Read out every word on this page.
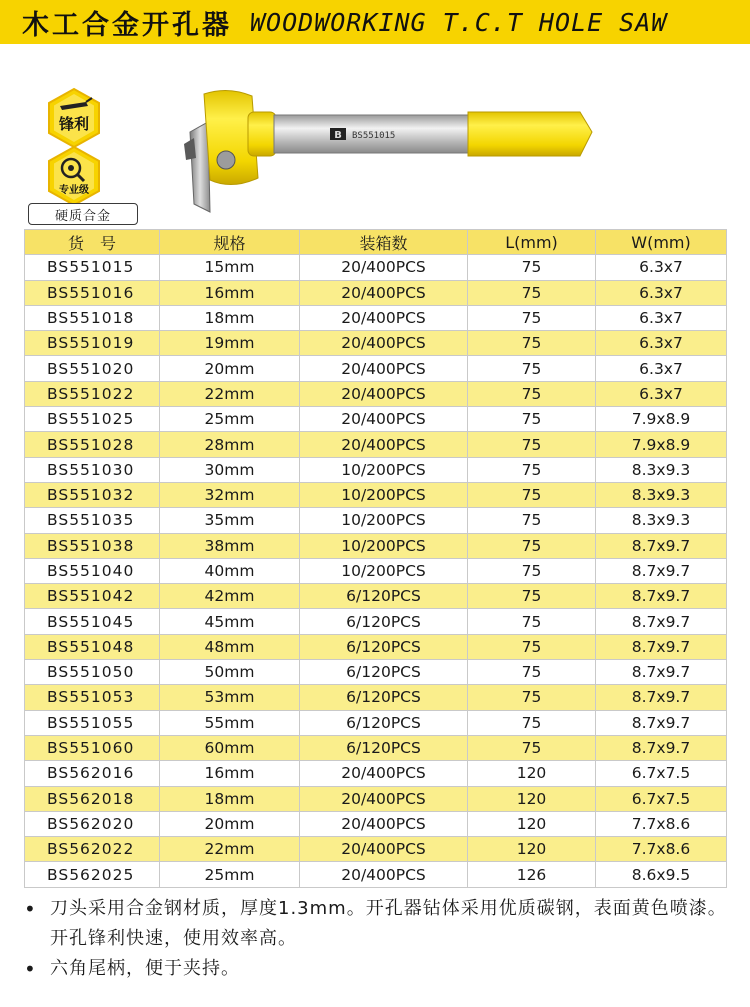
木工合金开孔器 WOODWORKING T.C.T HOLE SAW
锋利
专业级
硬质合金
B BS551015
货　号	规格	装箱数	L(mm)	W(mm)
BS551015	15mm	20/400PCS	75	6.3x7
BS551016	16mm	20/400PCS	75	6.3x7
BS551018	18mm	20/400PCS	75	6.3x7
BS551019	19mm	20/400PCS	75	6.3x7
BS551020	20mm	20/400PCS	75	6.3x7
BS551022	22mm	20/400PCS	75	6.3x7
BS551025	25mm	20/400PCS	75	7.9x8.9
BS551028	28mm	20/400PCS	75	7.9x8.9
BS551030	30mm	10/200PCS	75	8.3x9.3
BS551032	32mm	10/200PCS	75	8.3x9.3
BS551035	35mm	10/200PCS	75	8.3x9.3
BS551038	38mm	10/200PCS	75	8.7x9.7
BS551040	40mm	10/200PCS	75	8.7x9.7
BS551042	42mm	6/120PCS	75	8.7x9.7
BS551045	45mm	6/120PCS	75	8.7x9.7
BS551048	48mm	6/120PCS	75	8.7x9.7
BS551050	50mm	6/120PCS	75	8.7x9.7
BS551053	53mm	6/120PCS	75	8.7x9.7
BS551055	55mm	6/120PCS	75	8.7x9.7
BS551060	60mm	6/120PCS	75	8.7x9.7
BS562016	16mm	20/400PCS	120	6.7x7.5
BS562018	18mm	20/400PCS	120	6.7x7.5
BS562020	20mm	20/400PCS	120	7.7x8.6
BS562022	22mm	20/400PCS	120	7.7x8.6
BS562025	25mm	20/400PCS	126	8.6x9.5
• 刀头采用合金钢材质，厚度1.3mm。开孔器钻体采用优质碳钢，表面黄色喷漆。开孔锋利快速，使用效率高。
• 六角尾柄，便于夹持。
